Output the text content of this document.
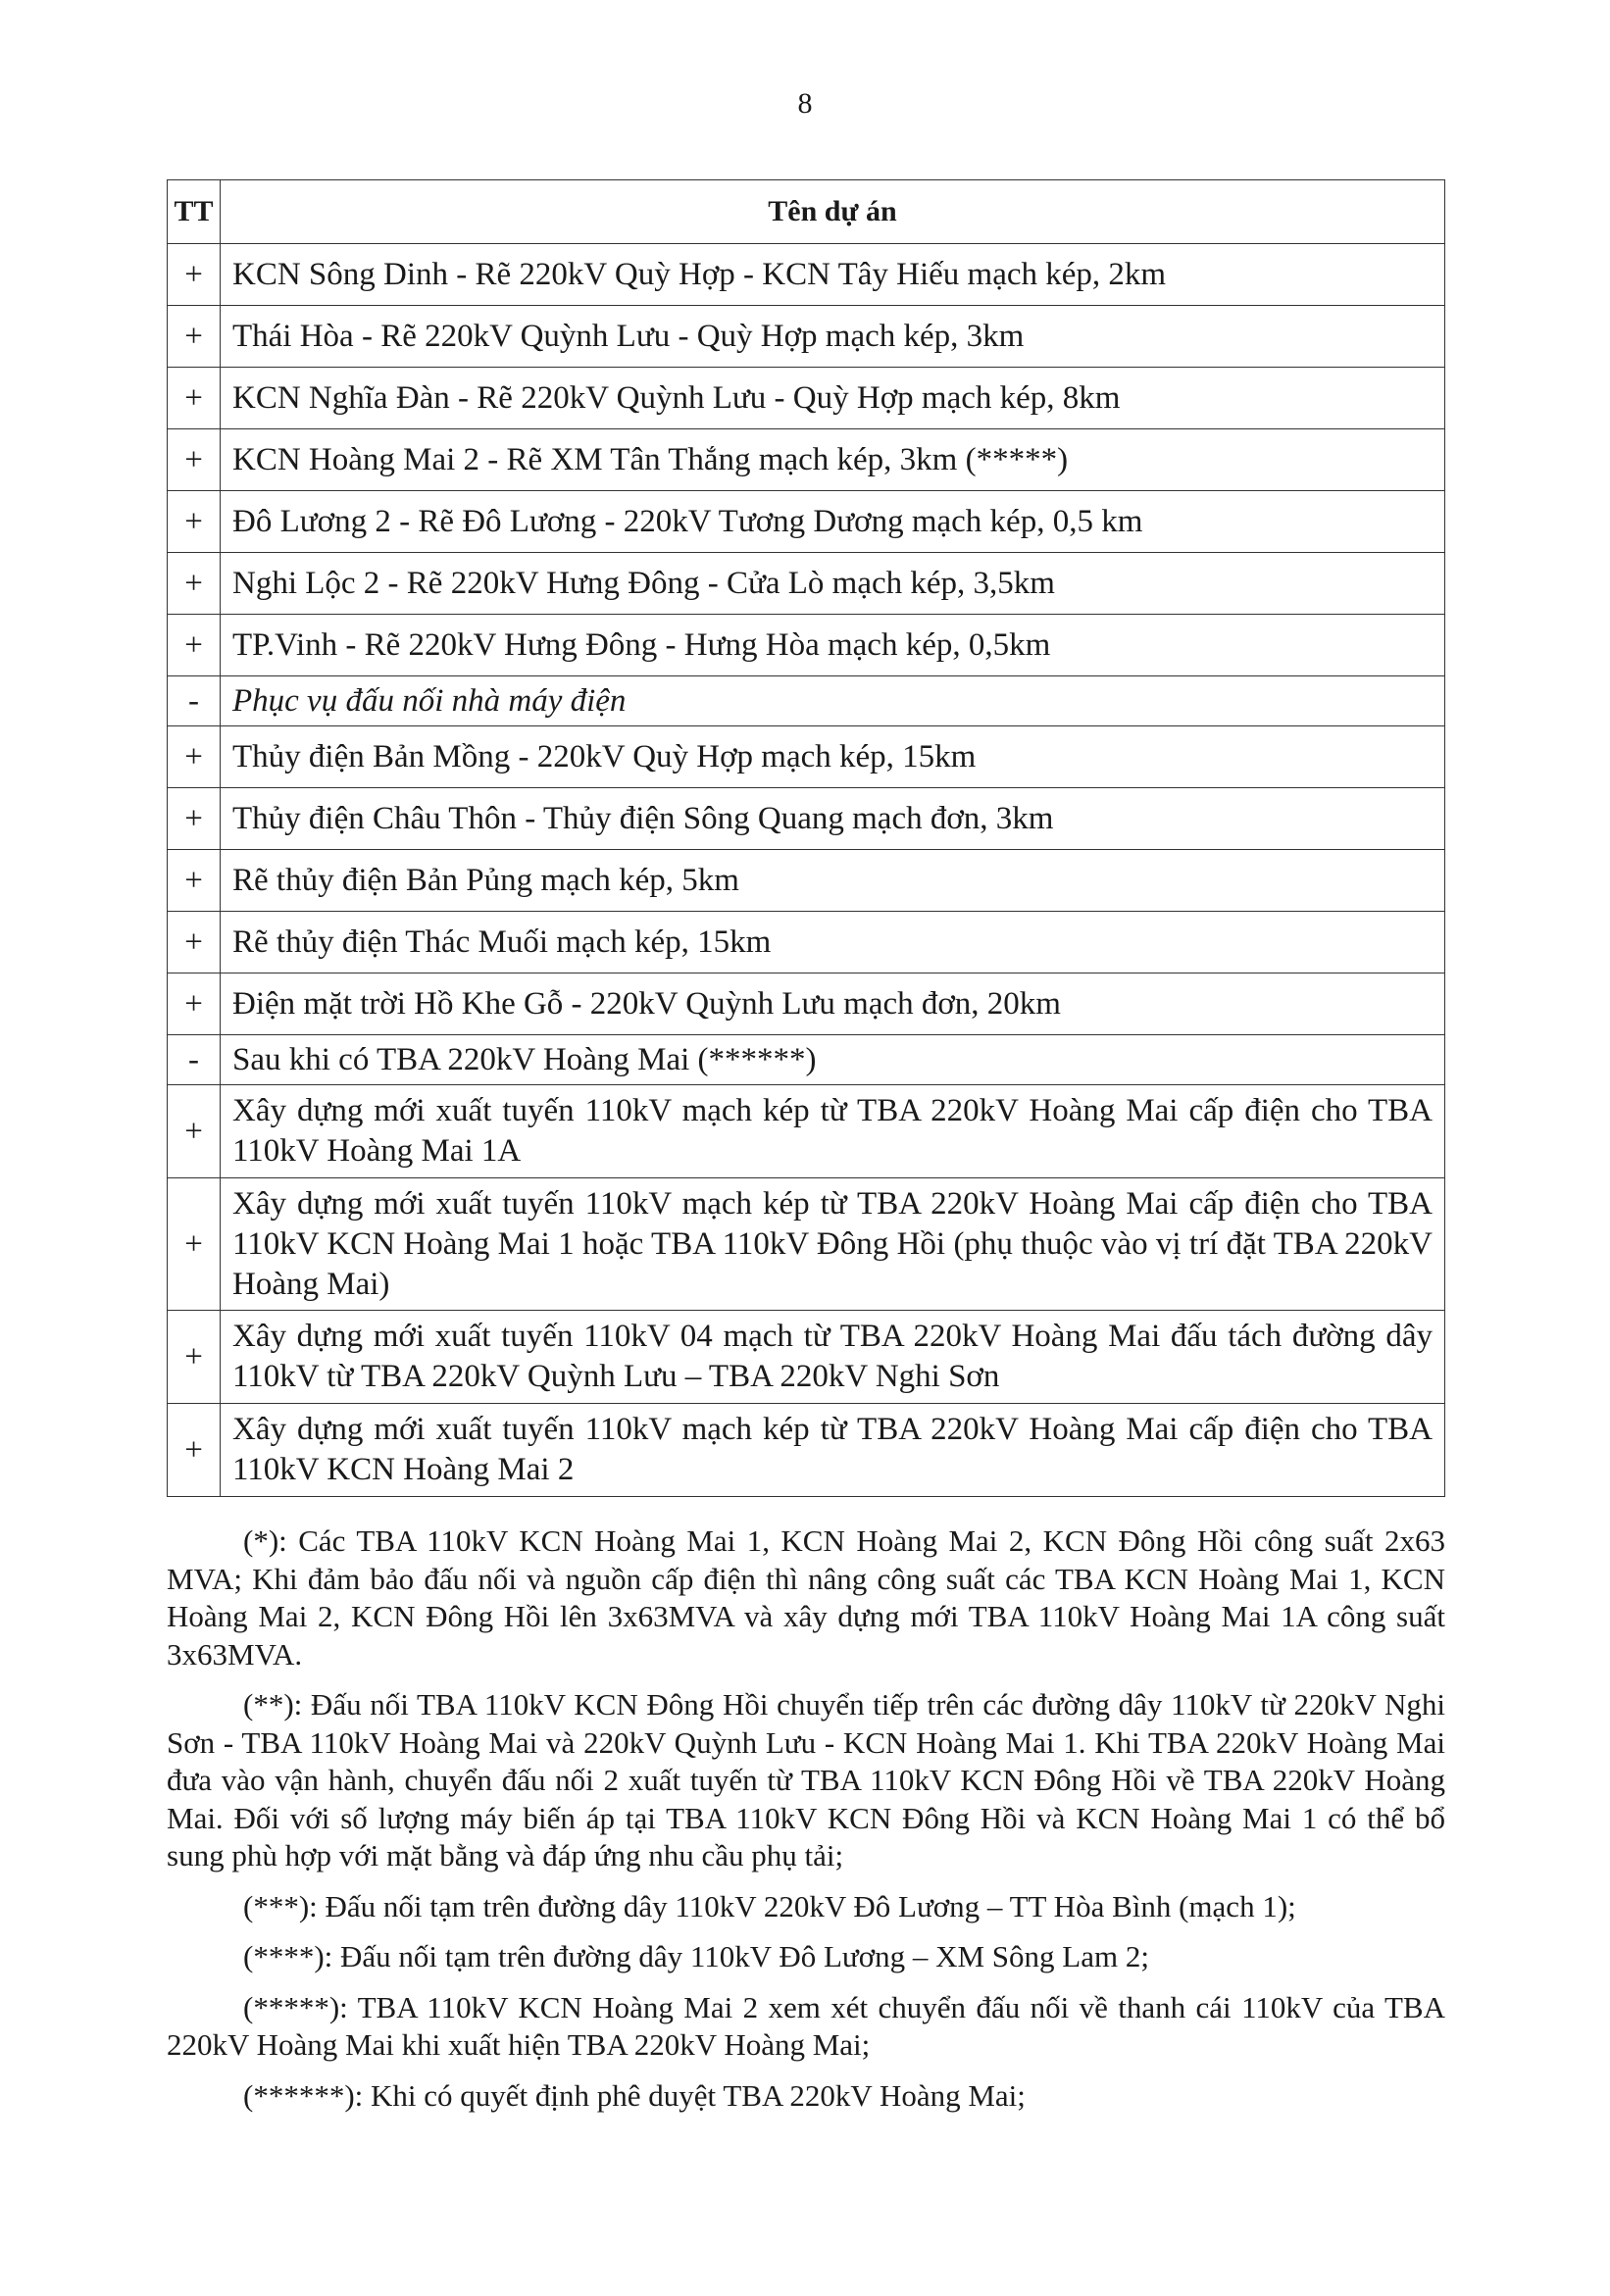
8
TT	Tên dự án
+	KCN Sông Dinh - Rẽ 220kV Quỳ Hợp - KCN Tây Hiếu mạch kép, 2km
+	Thái Hòa - Rẽ 220kV Quỳnh Lưu - Quỳ Hợp mạch kép, 3km
+	KCN Nghĩa Đàn - Rẽ 220kV Quỳnh Lưu - Quỳ Hợp mạch kép, 8km
+	KCN Hoàng Mai 2 - Rẽ XM Tân Thắng mạch kép, 3km (*****)
+	Đô Lương 2 - Rẽ Đô Lương - 220kV Tương Dương mạch kép, 0,5 km
+	Nghi Lộc 2 - Rẽ 220kV Hưng Đông - Cửa Lò mạch kép, 3,5km
+	TP.Vinh - Rẽ 220kV Hưng Đông - Hưng Hòa mạch kép, 0,5km
-	Phục vụ đấu nối nhà máy điện
+	Thủy điện Bản Mồng - 220kV Quỳ Hợp mạch kép, 15km
+	Thủy điện Châu Thôn - Thủy điện Sông Quang mạch đơn, 3km
+	Rẽ thủy điện Bản Pủng mạch kép, 5km
+	Rẽ thủy điện Thác Muối mạch kép, 15km
+	Điện mặt trời Hồ Khe Gỗ - 220kV Quỳnh Lưu mạch đơn, 20km
-	Sau khi có TBA 220kV Hoàng Mai (******)
+	Xây dựng mới xuất tuyến 110kV mạch kép từ TBA 220kV Hoàng Mai cấp điện cho TBA 110kV Hoàng Mai 1A
+	Xây dựng mới xuất tuyến 110kV mạch kép từ TBA 220kV Hoàng Mai cấp điện cho TBA 110kV KCN Hoàng Mai 1 hoặc TBA 110kV Đông Hồi (phụ thuộc vào vị trí đặt TBA 220kV Hoàng Mai)
+	Xây dựng mới xuất tuyến 110kV 04 mạch từ TBA 220kV Hoàng Mai đấu tách đường dây 110kV từ TBA 220kV Quỳnh Lưu – TBA 220kV Nghi Sơn
+	Xây dựng mới xuất tuyến 110kV mạch kép từ TBA 220kV Hoàng Mai cấp điện cho TBA 110kV KCN Hoàng Mai 2

(*): Các TBA 110kV KCN Hoàng Mai 1, KCN Hoàng Mai 2, KCN Đông Hồi công suất 2x63 MVA; Khi đảm bảo đấu nối và nguồn cấp điện thì nâng công suất các TBA KCN Hoàng Mai 1, KCN Hoàng Mai 2, KCN Đông Hồi lên 3x63MVA và xây dựng mới TBA 110kV Hoàng Mai 1A công suất 3x63MVA.

(**): Đấu nối TBA 110kV KCN Đông Hồi chuyển tiếp trên các đường dây 110kV từ 220kV Nghi Sơn - TBA 110kV Hoàng Mai và 220kV Quỳnh Lưu - KCN Hoàng Mai 1. Khi TBA 220kV Hoàng Mai đưa vào vận hành, chuyển đấu nối 2 xuất tuyến từ TBA 110kV KCN Đông Hồi về TBA 220kV Hoàng Mai. Đối với số lượng máy biến áp tại TBA 110kV KCN Đông Hồi và KCN Hoàng Mai 1 có thể bổ sung phù hợp với mặt bằng và đáp ứng nhu cầu phụ tải;

(***): Đấu nối tạm trên đường dây 110kV 220kV Đô Lương – TT Hòa Bình (mạch 1);

(****): Đấu nối tạm trên đường dây 110kV Đô Lương – XM Sông Lam 2;

(*****): TBA 110kV KCN Hoàng Mai 2 xem xét chuyển đấu nối về thanh cái 110kV của TBA 220kV Hoàng Mai khi xuất hiện TBA 220kV Hoàng Mai;

(******): Khi có quyết định phê duyệt TBA 220kV Hoàng Mai;
